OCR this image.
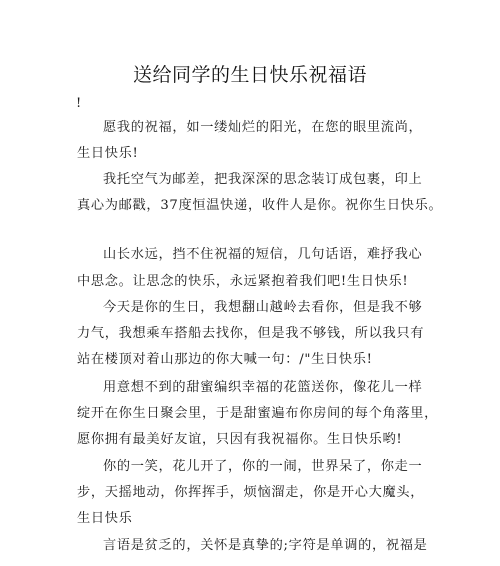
送给同学的生日快乐祝福语
!
愿我的祝福，如一缕灿烂的阳光，在您的眼里流尚，
生日快乐!
我托空气为邮差，把我深深的思念装订成包裹，印上
真心为邮戳，37度恒温快递，收件人是你。祝你生日快乐。
山长水远，挡不住祝福的短信，几句话语，难抒我心
中思念。让思念的快乐，永远紧抱着我们吧!生日快乐!
今天是你的生日，我想翻山越岭去看你，但是我不够
力气，我想乘车搭船去找你，但是我不够钱，所以我只有
站在楼顶对着山那边的你大喊一句：/"生日快乐!
用意想不到的甜蜜编织幸福的花篮送你，像花儿一样
绽开在你生日聚会里，于是甜蜜遍布你房间的每个角落里，
愿你拥有最美好友谊，只因有我祝福你。生日快乐哟!
你的一笑，花儿开了，你的一闹，世界呆了，你走一
步，天摇地动，你挥挥手，烦恼溜走，你是开心大魔头，
生日快乐
言语是贫乏的，关怀是真挚的;字符是单调的，祝福是
